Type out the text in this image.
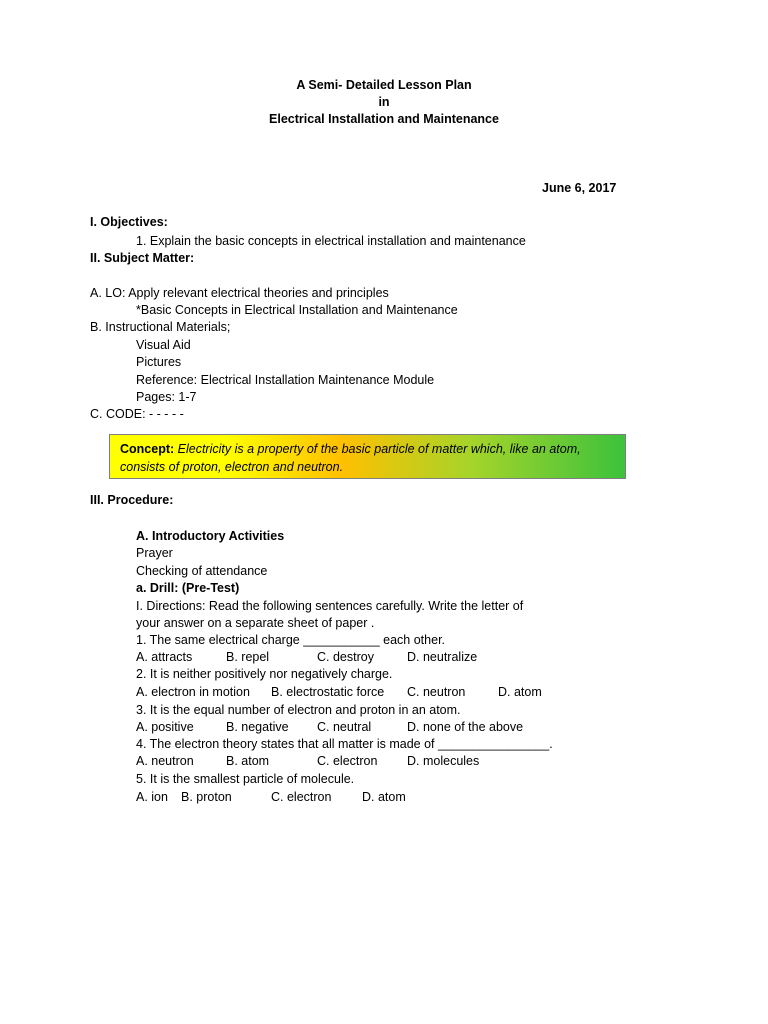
A Semi- Detailed Lesson Plan
in
Electrical Installation and Maintenance
June 6, 2017
I. Objectives:
1. Explain the basic concepts in electrical installation and maintenance
II. Subject Matter:
A. LO: Apply relevant electrical theories and principles
*Basic Concepts in Electrical Installation and Maintenance
B. Instructional Materials;
Visual Aid
Pictures
Reference: Electrical Installation Maintenance Module
Pages: 1-7
C. CODE: - - - - -
Concept: Electricity is a property of the basic particle of matter which, like an atom, consists of proton, electron and neutron.
III. Procedure:
A. Introductory Activities
Prayer
Checking of attendance
a. Drill: (Pre-Test)
I. Directions: Read the following sentences carefully. Write the letter of
your answer on a separate sheet of paper .
1. The same electrical charge ___________ each other.
A. attracts	B. repel	C. destroy	D. neutralize
2. It is neither positively nor negatively charge.
A. electron in motion B. electrostatic force C. neutron	D. atom
3. It is the equal number of electron and proton in an atom.
A. positive	B. negative C. neutral	D. none of the above
4. The electron theory states that all matter is made of ________________.
A. neutron	B. atom	C. electron D. molecules
5. It is the smallest particle of molecule.
A. ion B. proton	C. electron D. atom
